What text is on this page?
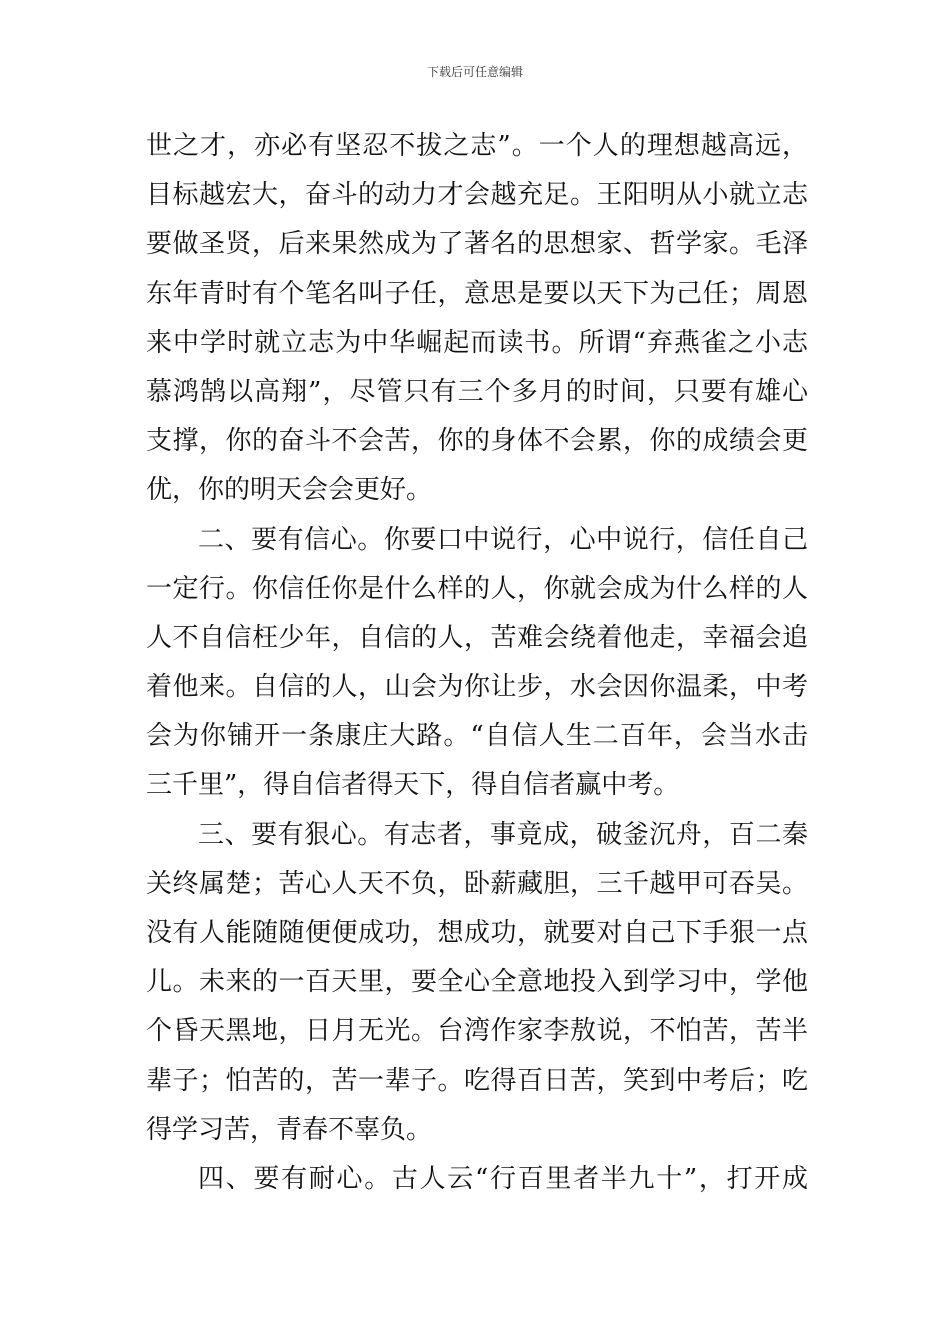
下载后可任意编辑
世之才，亦必有坚忍不拔之志”。一个人的理想越高远，
目标越宏大，奋斗的动力才会越充足。王阳明从小就立志
要做圣贤，后来果然成为了著名的思想家、哲学家。毛泽
东年青时有个笔名叫子任，意思是要以天下为己任；周恩
来中学时就立志为中华崛起而读书。所谓“弃燕雀之小志
慕鸿鹄以高翔”，尽管只有三个多月的时间，只要有雄心
支撑，你的奋斗不会苦，你的身体不会累，你的成绩会更
优，你的明天会会更好。
二、要有信心。你要口中说行，心中说行，信任自己
一定行。你信任你是什么样的人，你就会成为什么样的人
人不自信枉少年，自信的人，苦难会绕着他走，幸福会追
着他来。自信的人，山会为你让步，水会因你温柔，中考
会为你铺开一条康庄大路。“自信人生二百年，会当水击
三千里”，得自信者得天下，得自信者赢中考。
三、要有狠心。有志者，事竟成，破釜沉舟，百二秦
关终属楚；苦心人天不负，卧薪藏胆，三千越甲可吞吴。
没有人能随随便便成功，想成功，就要对自己下手狠一点
儿。未来的一百天里，要全心全意地投入到学习中，学他
个昏天黑地，日月无光。台湾作家李敖说，不怕苦，苦半
辈子；怕苦的，苦一辈子。吃得百日苦，笑到中考后；吃
得学习苦，青春不辜负。
四、要有耐心。古人云“行百里者半九十”，打开成
